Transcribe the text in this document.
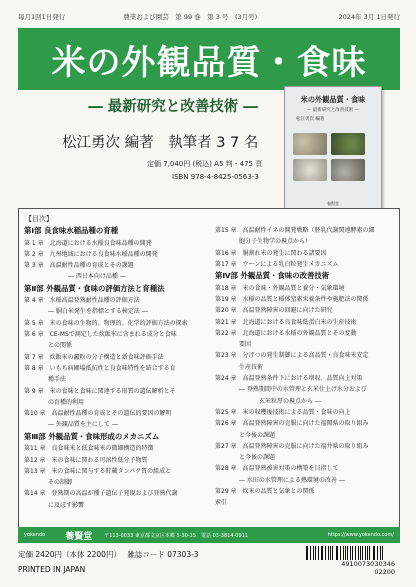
毎月1回1日発行	農業および園芸　第 99 巻　第 3 号　(3月号)	2024年 3月 1日発行
米の外観品質・食味
― 最新研究と改善技術 ―
松江勇次 編著　執筆者 3 7 名
定価 7,040円 (税込) A5 判・475 頁
ISBN 978-4-8425-0563-3
米の外観品質・食味
— 最新研究と改善技術 —
松江勇次 編著
養賢堂
【目次】
第Ⅰ部 良食味水稲品種の育種
第 1 章　北海道における水稲良食味品種の開発
第 2 章　九州地域における良食味水稲品種の開発
第 3 章　高温耐性品種の育成とその課題
― 西日本向け品種 ―
第Ⅱ部 外観品質・食味の評価方法と育種法
第 4 章　水稲高温登熟耐性品種の評価方法
― 胴白米発生を指標とする検定法 ―
第 5 章　米の食味の生物的、物理的、化学的評価方法の探索
第 6 章　CE-MSで測定した炊飯米に含まれる成分と食味
との関係
第 7 章　炊飯米の澱粉の分子構造と新食味評価手法
第 8 章　いもち病圃場抵抗性と良食味特性を結合する育
種手法
第 9 章　米の食味と食味に関連する形質の遺伝解析とそ
の育種的利用
第10 章　高温耐性品種の育成とその遺伝的要因の解明
― 外観品質を主にして ―
第Ⅲ部 外観品質・食味形成のメカニズム
第11 章　良食味米と低食味米の微細構造的特徴
第12 章　米の食味に関わる可溶性低分子物質
第13 章　米の食味に関与する貯蔵タンパク質の組成と
その制御
第14 章　登熟期の高温が種子遺伝子発現および登熟代謝
に及ぼす影響
第15 章　高温耐性イネの開発戦略（胚乳代謝関連酵素の細
胞分子生物学の視点から）
第16 章　胴割れ米の発生に関わる諸要因
第17 章　ウーンによる乳白粒発生メカニズム
第Ⅳ部 外観品質・食味の改善技術
第18 章　米の食味・外観品質と養分・気象環境
第19 章　水稲の品質と稲体窒素栄養条件や施肥法の関係
第20 章　高温登熟障害の回避に向けた研究
第21 章　北海道における良食味低蛋白米の生産技術
第22 章　北海道における水稲の外観品質とその変動
要因
第23 章　分げつの発生制御による高品質・良食味米安定
生産技術
第24 章　高温登熟条件下における増収、品質向上対策
― 登熟期間中の水管理と玄米仕上げ水分および
玄米粒厚の視点から ―
第25 章　米の収穫後技術による品質・食味の向上
第26 章　高温登熟障害の克服に向けた福岡県の取り組み
と今後の課題
第27 章　高温登熟障害の克服に向けた福井県の取り組み
と今後の課題
第28 章　高温登熟被害対策の構築を目指して
― 水田の水管理による熱環境の改善 ―
第29 章　炊米の品質と気象との関係
索引
yokendo 養賢堂 〒113-0033 東京都文京区本郷 5-30-15　電話 03-3814-0911	https://www.yokendo.com/
定価 2420円（本体 2200円） 雑誌コード 07303-3
PRINTED IN JAPAN
4910073030346
02200
